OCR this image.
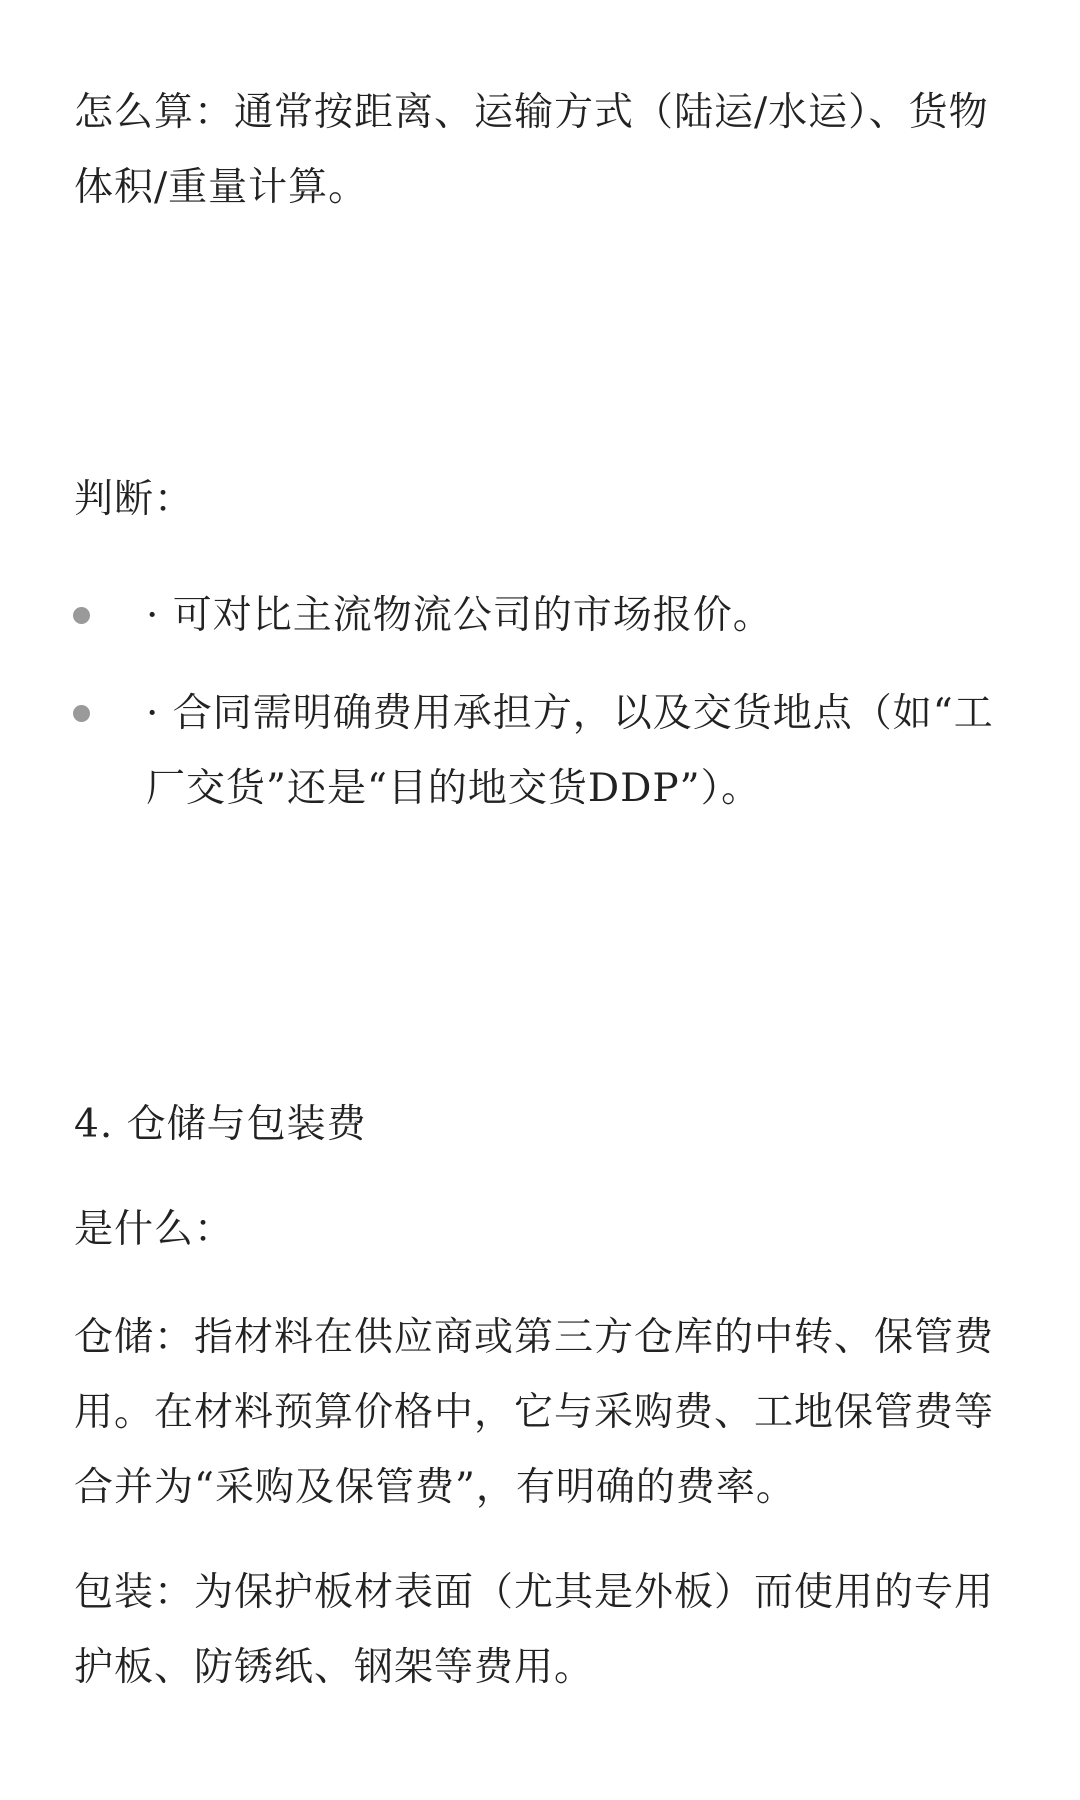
怎么算：通常按距离、运输方式（陆运/水运）、货物体积/重量计算。

判断：

· 可对比主流物流公司的市场报价。

· 合同需明确费用承担方，以及交货地点（如“工厂交货”还是“目的地交货DDP”）。

4. 仓储与包装费

是什么：

仓储：指材料在供应商或第三方仓库的中转、保管费用。在材料预算价格中，它与采购费、工地保管费等合并为“采购及保管费”，有明确的费率。

包装：为保护板材表面（尤其是外板）而使用的专用护板、防锈纸、钢架等费用。
